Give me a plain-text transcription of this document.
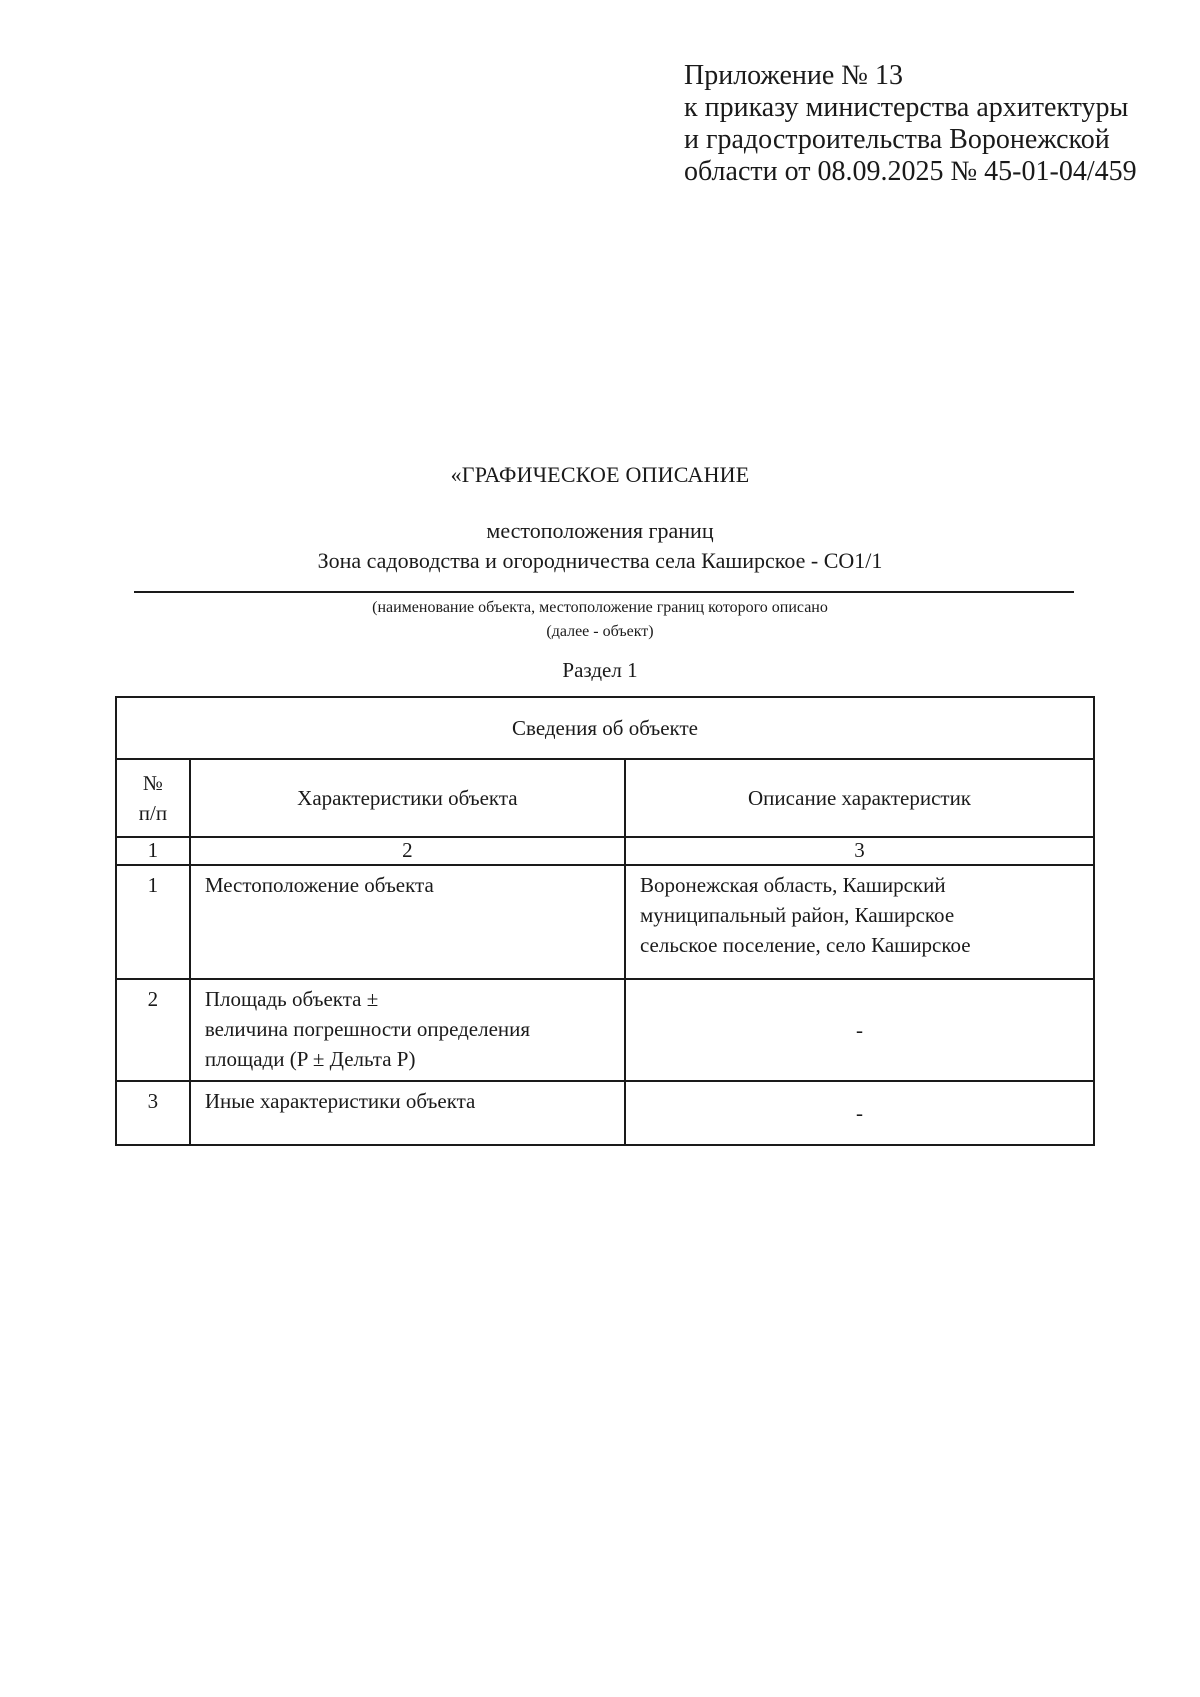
Приложение № 13
к приказу министерства архитектуры
и градостроительства Воронежской
области от 08.09.2025 № 45-01-04/459
«ГРАФИЧЕСКОЕ ОПИСАНИЕ
местоположения границ
Зона садоводства и огородничества села Каширское - СО1/1
(наименование объекта, местоположение границ которого описано
(далее - объект)
Раздел 1
Сведения об объекте		

№
п/п	Характеристики объекта	Описание характеристик
1	2	3
1	Местоположение объекта	Воронежская область, Каширский
муниципальный район, Каширское
сельское поселение, село Каширское

2	Площадь объекта ±
величина погрешности определения
площади (P ± Дельта P)	-
3	Иные характеристики объекта	-
